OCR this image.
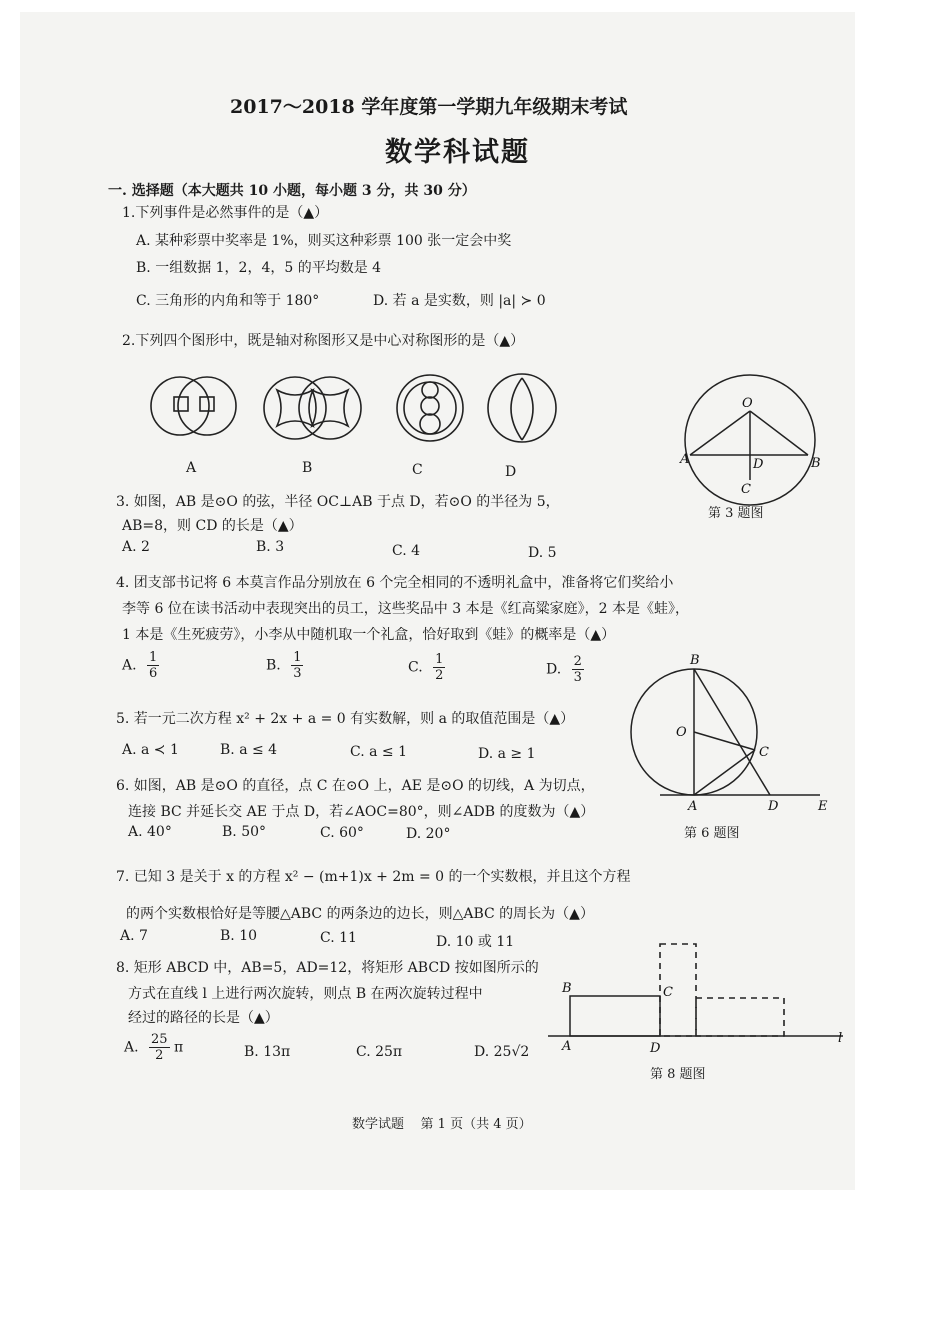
2017～2018 学年度第一学期九年级期末考试
数学科试题
一. 选择题（本大题共 10 小题，每小题 3 分，共 30 分）
1.下列事件是必然事件的是（▲）
A. 某种彩票中奖率是 1%，则买这种彩票 100 张一定会中奖
B. 一组数据 1，2，4，5 的平均数是 4
C. 三角形的内角和等于 180°	D. 若 a 是实数，则 |a| ≻ 0
2.下列四个图形中，既是轴对称图形又是中心对称图形的是（▲）
A	B	C	D
O
A	B
D
C
第 3 题图
3. 如图，AB 是⊙O 的弦，半径 OC⊥AB 于点 D，若⊙O 的半径为 5，
AB=8，则 CD 的长是（▲）
A. 2	B. 3	C. 4	D. 5
4. 团支部书记将 6 本莫言作品分别放在 6 个完全相同的不透明礼盒中，准备将它们奖给小
李等 6 位在读书活动中表现突出的员工，这些奖品中 3 本是《红高粱家庭》，2 本是《蛙》，
1 本是《生死疲劳》，小李从中随机取一个礼盒，恰好取到《蛙》的概率是（▲）
A. $\frac{1}{6}$	B. $\frac{1}{3}$	C. $\frac{1}{2}$	D. $\frac{2}{3}$	B
O
C
A	D	E
第 6 题图
5. 若一元二次方程 x² + 2x + a = 0 有实数解，则 a 的取值范围是（▲）
A. a ≺ 1	B. a ≤ 4	C. a ≤ 1	D. a ≥ 1
6. 如图，AB 是⊙O 的直径，点 C 在⊙O 上，AE 是⊙O 的切线，A 为切点，
连接 BC 并延长交 AE 于点 D，若∠AOC=80°，则∠ADB 的度数为（▲）
A. 40°	B. 50°	C. 60°	D. 20°
7. 已知 3 是关于 x 的方程 x² − (m+1)x + 2m = 0 的一个实数根，并且这个方程
的两个实数根恰好是等腰△ABC 的两条边的边长，则△ABC 的周长为（▲）
A. 7	B. 10	C. 11	D. 10 或 11
8. 矩形 ABCD 中，AB=5，AD=12，将矩形 ABCD 按如图所示的
方式在直线 l 上进行两次旋转，则点 B 在两次旋转过程中
经过的路径的长是（▲）
A. $\frac{25}{2}$ π	B. 13π	C. 25π	D. 25√2
B	C
A	D
l
第 8 题图
数学试题    第 1 页（共 4 页）
